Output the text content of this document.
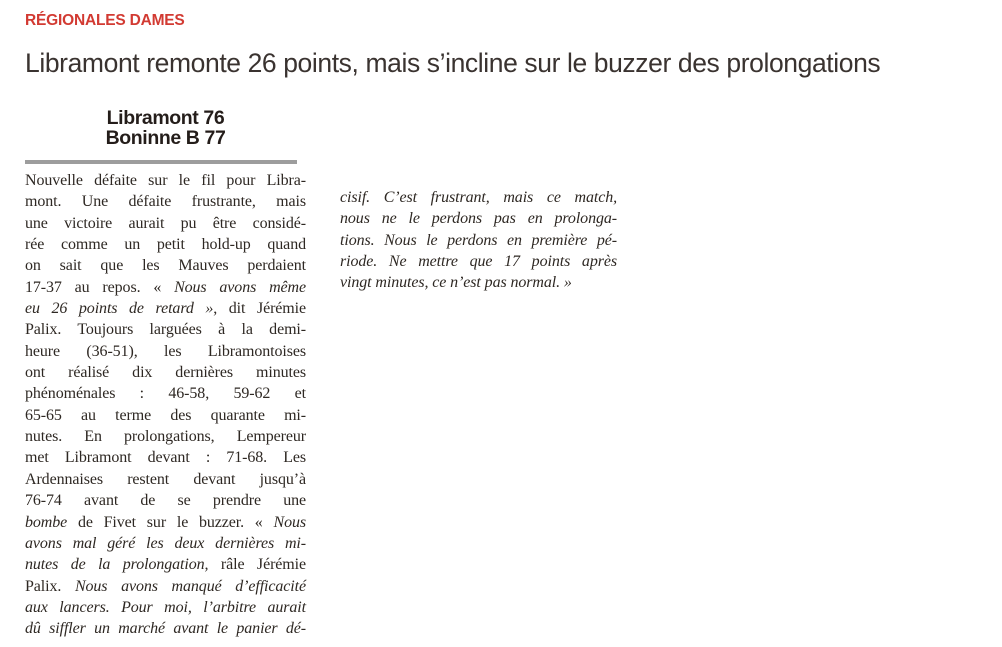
RÉGIONALES DAMES
Libramont remonte 26 points, mais s’incline sur le buzzer des prolongations
Libramont 76
Boninne B 77
Nouvelle défaite sur le fil pour Libra-
mont. Une défaite frustrante, mais
une victoire aurait pu être considé-
rée comme un petit hold-up quand
on sait que les Mauves perdaient
17-37 au repos. « Nous avons même
eu 26 points de retard », dit Jérémie
Palix. Toujours larguées à la demi-
heure (36-51), les Libramontoises
ont réalisé dix dernières minutes
phénoménales : 46-58, 59-62 et
65-65 au terme des quarante mi-
nutes. En prolongations, Lempereur
met Libramont devant : 71-68. Les
Ardennaises restent devant jusqu’à
76-74 avant de se prendre une
bombe de Fivet sur le buzzer. « Nous
avons mal géré les deux dernières mi-
nutes de la prolongation, râle Jérémie
Palix. Nous avons manqué d’efficacité
aux lancers. Pour moi, l’arbitre aurait
dû siffler un marché avant le panier dé-
cisif. C’est frustrant, mais ce match,
nous ne le perdons pas en prolonga-
tions. Nous le perdons en première pé-
riode. Ne mettre que 17 points après
vingt minutes, ce n’est pas normal. »
